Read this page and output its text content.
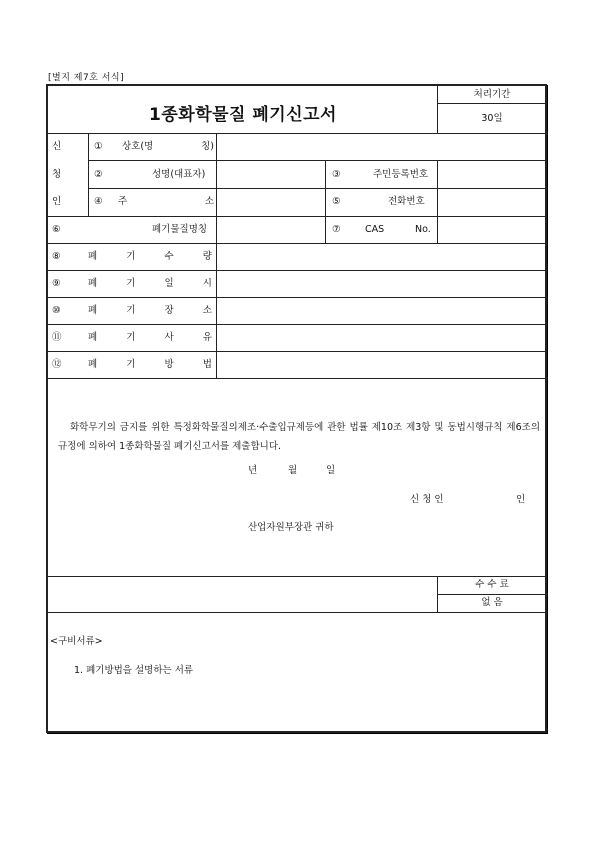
[별지 제7호 서식]
1종화학물질 폐기신고서
처리기간
30일
신
청
인
① 상호(명	칭)
②	성명(대표자)	③	주민등록번호
④ 주	소	⑤	전화번호
⑥	폐기물질명칭	⑦	CAS	No.
⑧	폐	기	수	량
⑨	폐	기	일	시
⑩	폐	기	장	소
⑪	폐	기	사	유
⑫	폐	기	방	법
화학무기의 금지를 위한 특정화학물질의제조·수출입규제등에 관한 법률 제10조 제3항 및 동법시행규칙 제6조의 규정에 의하여 1종화학물질 폐기신고서를 제출합니다.
년	월	일
신 청 인	인
산업자원부장관 귀하
수 수 료
없 음
<구비서류>
1. 폐기방법을 설명하는 서류
